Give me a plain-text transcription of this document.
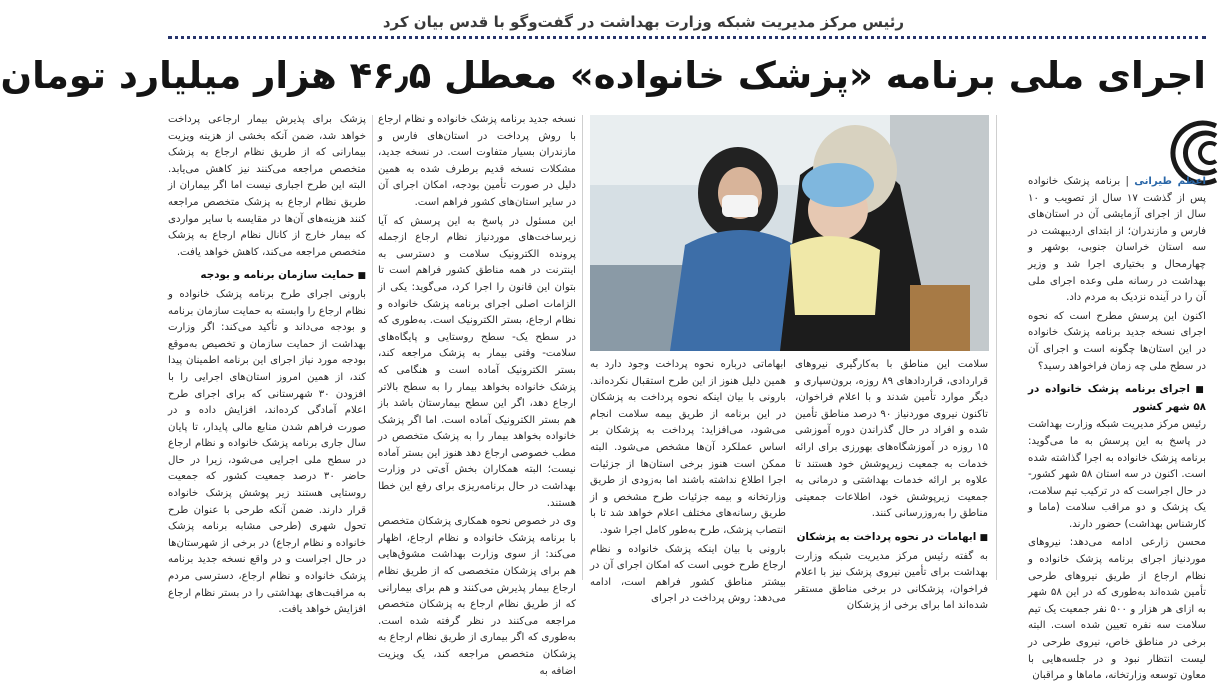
رئیس مرکز مدیریت شبکه وزارت بهداشت در گفت‌وگو با قدس بیان کرد
اجرای ملی برنامه «پزشک خانواده» معطل ۴۶٫۵ هزار میلیارد تومان

اعظم طیرانی | برنامه پزشک خانواده پس از گذشت ۱۷ سال از تصویب و ۱۰ سال از اجرای آزمایشی آن در استان‌های فارس و مازندران؛ از ابتدای اردیبهشت در سه استان خراسان جنوبی، بوشهر و چهارمحال و بختیاری اجرا شد و وزیر بهداشت در رسانه ملی وعده اجرای ملی آن را در آینده نزدیک به مردم داد.

اکنون این پرسش مطرح است که نحوه اجرای نسخه جدید برنامه پزشک خانواده در این استان‌ها چگونه است و اجرای آن در سطح ملی چه زمان فراخواهد رسید؟

■ اجرای برنامه پزشک خانواده در ۵۸ شهر کشور

رئیس مرکز مدیریت شبکه وزارت بهداشت در پاسخ به این پرسش به ما می‌گوید: برنامه پزشک خانواده به اجرا گذاشته شده است. اکنون در سه استان ۵۸ شهر کشور- در حال اجراست که در ترکیب تیم سلامت، یک پزشک و دو مراقب سلامت (ماما و کارشناس بهداشت) حضور دارند.

محسن زارعی ادامه می‌دهد: نیروهای موردنیاز اجرای برنامه پزشک خانواده و نظام ارجاع از طریق نیروهای طرحی تأمین شده‌اند به‌طوری که در این ۵۸ شهر به ازای هر هزار و ۵۰۰ نفر جمعیت یک تیم سلامت سه نفره تعیین شده است. البته برخی در مناطق خاص، نیروی طرحی در لیست انتظار نبود و در جلسه‌هایی با معاون توسعه وزارتخانه، ماماها و مراقبان

سلامت این مناطق با به‌کارگیری نیروهای قراردادی، قراردادهای ۸۹ روزه، برون‌سپاری و دیگر موارد تأمین شدند و با اعلام فراخوان، تاکنون نیروی موردنیاز ۹۰ درصد مناطق تأمین شده و افراد در حال گذراندن دوره آموزشی ۱۵ روزه در آموزشگاه‌های بهورزی برای ارائه خدمات به جمعیت زیرپوشش خود هستند تا علاوه بر ارائه خدمات بهداشتی و درمانی به جمعیت زیرپوشش خود، اطلاعات جمعیتی مناطق را به‌روزرسانی کنند.

■ ابهامات در نحوه پرداخت به پزشکان

به گفته رئیس مرکز مدیریت شبکه وزارت بهداشت برای تأمین نیروی پزشک نیز با اعلام فراخوان، پزشکانی در برخی مناطق مستقر شده‌اند اما برای برخی از پزشکان

ابهاماتی درباره نحوه پرداخت وجود دارد به همین دلیل هنوز از این طرح استقبال نکرده‌اند. بارونی با بیان اینکه نحوه پرداخت به پزشکان در این برنامه از طریق بیمه سلامت انجام می‌شود، می‌افزاید: پرداخت به پزشکان بر اساس عملکرد آن‌ها مشخص می‌شود. البته ممکن است هنوز برخی استان‌ها از جزئیات اجرا اطلاع نداشته باشند اما به‌زودی از طریق وزارتخانه و بیمه جزئیات طرح مشخص و از طریق رسانه‌های مختلف اعلام خواهد شد تا با انتصاب پزشک، طرح به‌طور کامل اجرا شود.

بارونی با بیان اینکه پزشک خانواده و نظام ارجاع طرح خوبی است که امکان اجرای آن در بیشتر مناطق کشور فراهم است، ادامه می‌دهد: روش پرداخت در اجرای

نسخه جدید برنامه پزشک خانواده و نظام ارجاع با روش پرداخت در استان‌های فارس و مازندران بسیار متفاوت است. در نسخه جدید، مشکلات نسخه قدیم برطرف شده به همین دلیل در صورت تأمین بودجه، امکان اجرای آن در سایر استان‌های کشور فراهم است.

این مسئول در پاسخ به این پرسش که آیا زیرساخت‌های موردنیاز نظام ارجاع ازجمله پرونده الکترونیک سلامت و دسترسی به اینترنت در همه مناطق کشور فراهم است تا بتوان این قانون را اجرا کرد، می‌گوید: یکی از الزامات اصلی اجرای برنامه پزشک خانواده و نظام ارجاع، بستر الکترونیک است. به‌طوری که در سطح یک- سطح روستایی و پایگاه‌های سلامت- وقتی بیمار به پزشک مراجعه کند، بستر الکترونیک آماده است و هنگامی که پزشک خانواده بخواهد بیمار را به سطح بالاتر ارجاع دهد، اگر این سطح بیمارستان باشد باز هم بستر الکترونیک آماده است. اما اگر پزشک خانواده بخواهد بیمار را به پزشک متخصص در مطب خصوصی ارجاع دهد هنوز این بستر آماده نیست؛ البته همکاران بخش آی‌تی در وزارت بهداشت در حال برنامه‌ریزی برای رفع این خطا هستند.

وی در خصوص نحوه همکاری پزشکان متخصص با برنامه پزشک خانواده و نظام ارجاع، اظهار می‌کند: از سوی وزارت بهداشت مشوق‌هایی هم برای پزشکان متخصصی که از طریق نظام ارجاع بیمار پذیرش می‌کنند و هم برای بیمارانی که از طریق نظام ارجاع به پزشکان متخصص مراجعه می‌کنند در نظر گرفته شده است. به‌طوری که اگر بیماری از طریق نظام ارجاع به پزشکان متخصص مراجعه کند، یک ویزیت اضافه به

پزشک برای پذیرش بیمار ارجاعی پرداخت خواهد شد، ضمن آنکه بخشی از هزینه ویزیت بیمارانی که از طریق نظام ارجاع به پزشک متخصص مراجعه می‌کنند نیز کاهش می‌یابد. البته این طرح اجباری نیست اما اگر بیماران از طریق نظام ارجاع به پزشک متخصص مراجعه کنند هزینه‌های آن‌ها در مقایسه با سایر مواردی که بیمار خارج از کانال نظام ارجاع به پزشک متخصص مراجعه می‌کند، کاهش خواهد یافت.

■ حمایت سازمان برنامه و بودجه

بارونی اجرای طرح برنامه پزشک خانواده و نظام ارجاع را وابسته به حمایت سازمان برنامه و بودجه می‌داند و تأکید می‌کند: اگر وزارت بهداشت از حمایت سازمان و تخصیص به‌موقع بودجه مورد نیاز اجرای این برنامه اطمینان پیدا کند، از همین امروز استان‌های اجرایی را با افزودن ۳۰ شهرستانی که برای اجرای طرح اعلام آمادگی کرده‌اند، افزایش داده و در صورت فراهم شدن منابع مالی پایدار، تا پایان سال جاری برنامه پزشک خانواده و نظام ارجاع در سطح ملی اجرایی می‌شود، زیرا در حال حاضر ۳۰ درصد جمعیت کشور که جمعیت روستایی هستند زیر پوشش پزشک خانواده قرار دارند. ضمن آنکه طرحی با عنوان طرح تحول شهری (طرحی مشابه برنامه پزشک خانواده و نظام ارجاع) در برخی از شهرستان‌ها در حال اجراست و در واقع نسخه جدید برنامه پزشک خانواده و نظام ارجاع، دسترسی مردم به مراقبت‌های بهداشتی را در بستر نظام ارجاع افزایش خواهد یافت.
